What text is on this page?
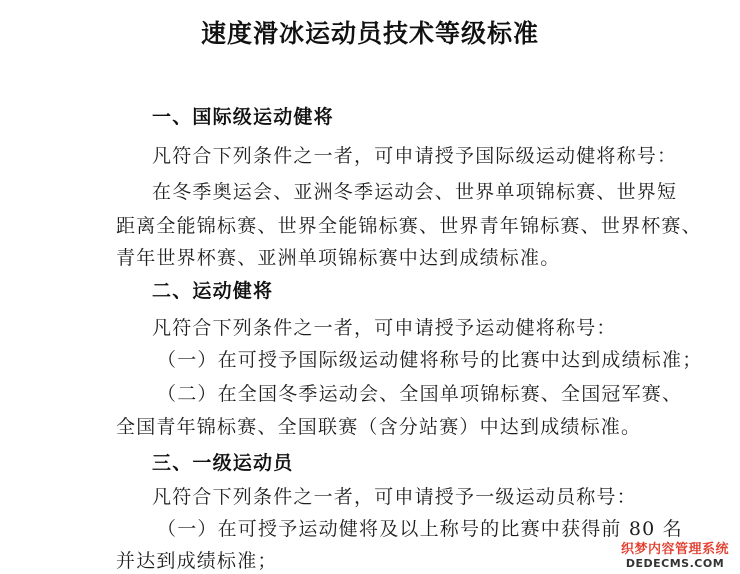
速度滑冰运动员技术等级标准
一、国际级运动健将
凡符合下列条件之一者，可申请授予国际级运动健将称号：
在冬季奥运会、亚洲冬季运动会、世界单项锦标赛、世界短
距离全能锦标赛、世界全能锦标赛、世界青年锦标赛、世界杯赛、
青年世界杯赛、亚洲单项锦标赛中达到成绩标准。
二、运动健将
凡符合下列条件之一者，可申请授予运动健将称号：
（一）在可授予国际级运动健将称号的比赛中达到成绩标准；
（二）在全国冬季运动会、全国单项锦标赛、全国冠军赛、
全国青年锦标赛、全国联赛（含分站赛）中达到成绩标准。
三、一级运动员
凡符合下列条件之一者，可申请授予一级运动员称号：
（一）在可授予运动健将及以上称号的比赛中获得前 80 名
并达到成绩标准；
织梦内容管理系统
DEDECMS.COM
